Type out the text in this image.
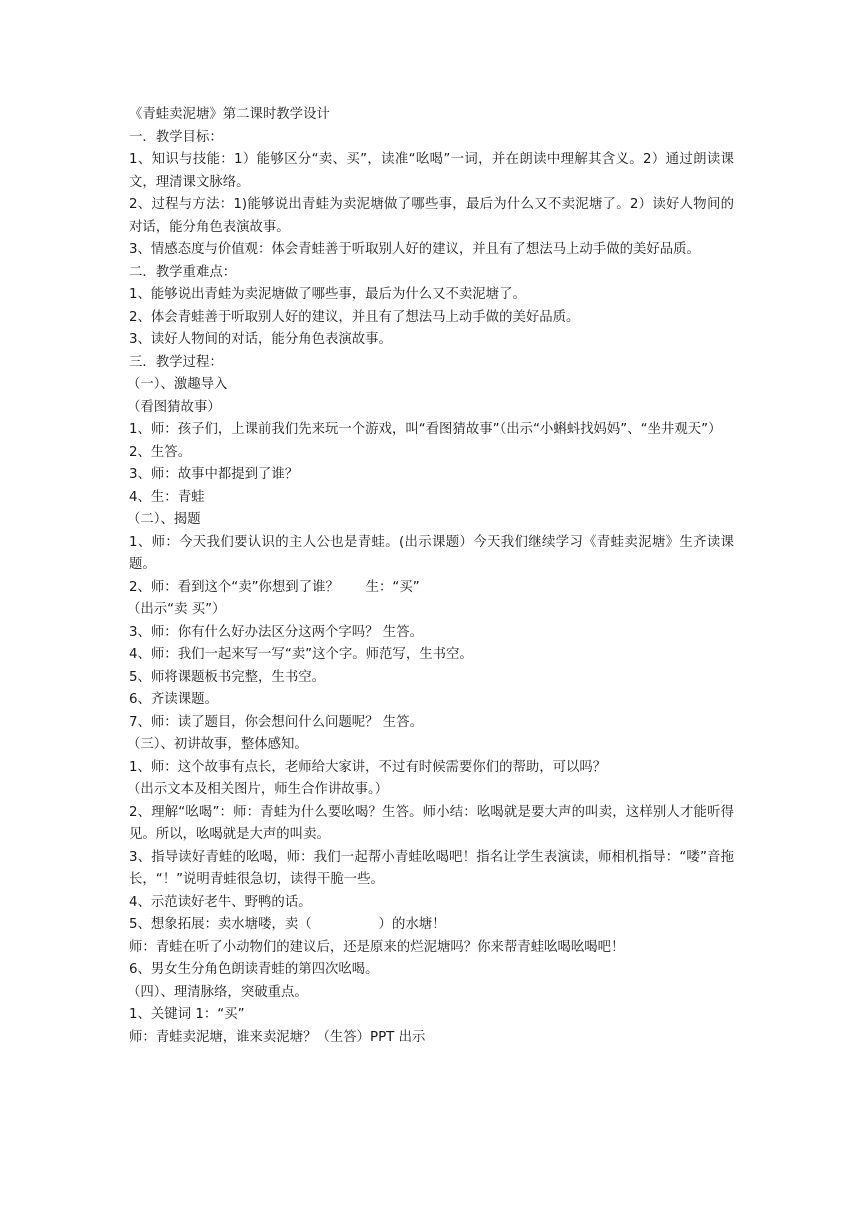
《青蛙卖泥塘》第二课时教学设计

一．教学目标：

1、知识与技能：1）能够区分“卖、买”，读准“吆喝”一词，并在朗读中理解其含义。2）通过朗读课文，理清课文脉络。

2、过程与方法：1)能够说出青蛙为卖泥塘做了哪些事，最后为什么又不卖泥塘了。2）读好人物间的对话，能分角色表演故事。

3、情感态度与价值观：体会青蛙善于听取别人好的建议，并且有了想法马上动手做的美好品质。

二．教学重难点：

1、能够说出青蛙为卖泥塘做了哪些事，最后为什么又不卖泥塘了。

2、体会青蛙善于听取别人好的建议，并且有了想法马上动手做的美好品质。

3、读好人物间的对话，能分角色表演故事。

三．教学过程：

（一）、激趣导入

（看图猜故事）

1、师：孩子们，上课前我们先来玩一个游戏，叫“看图猜故事”（出示“小蝌蚪找妈妈”、“坐井观天”）

2、生答。

3、师：故事中都提到了谁？

4、生：青蛙

（二）、揭题

1、师：今天我们要认识的主人公也是青蛙。(出示课题）今天我们继续学习《青蛙卖泥塘》生齐读课题。

2、师：看到这个“卖”你想到了谁？　　生：“买”

（出示“卖 买”）

3、师：你有什么好办法区分这两个字吗？ 生答。

4、师：我们一起来写一写“卖”这个字。师范写，生书空。

5、师将课题板书完整，生书空。

6、齐读课题。

7、师：读了题目，你会想问什么问题呢？ 生答。

（三）、初讲故事，整体感知。

1、师：这个故事有点长，老师给大家讲，不过有时候需要你们的帮助，可以吗？

（出示文本及相关图片，师生合作讲故事。）

2、理解“吆喝”：师：青蛙为什么要吆喝？生答。师小结：吆喝就是要大声的叫卖，这样别人才能听得见。所以，吆喝就是大声的叫卖。

3、指导读好青蛙的吆喝，师：我们一起帮小青蛙吆喝吧！指名让学生表演读，师相机指导：“喽”音拖长，“！”说明青蛙很急切，读得干脆一些。

4、示范读好老牛、野鸭的话。

5、想象拓展：卖水塘喽，卖（　　　　　）的水塘！

师：青蛙在听了小动物们的建议后，还是原来的烂泥塘吗？你来帮青蛙吆喝吆喝吧！

6、男女生分角色朗读青蛙的第四次吆喝。

（四）、理清脉络，突破重点。

1、关键词 1：“买”

师：青蛙卖泥塘，谁来卖泥塘？（生答）PPT 出示
